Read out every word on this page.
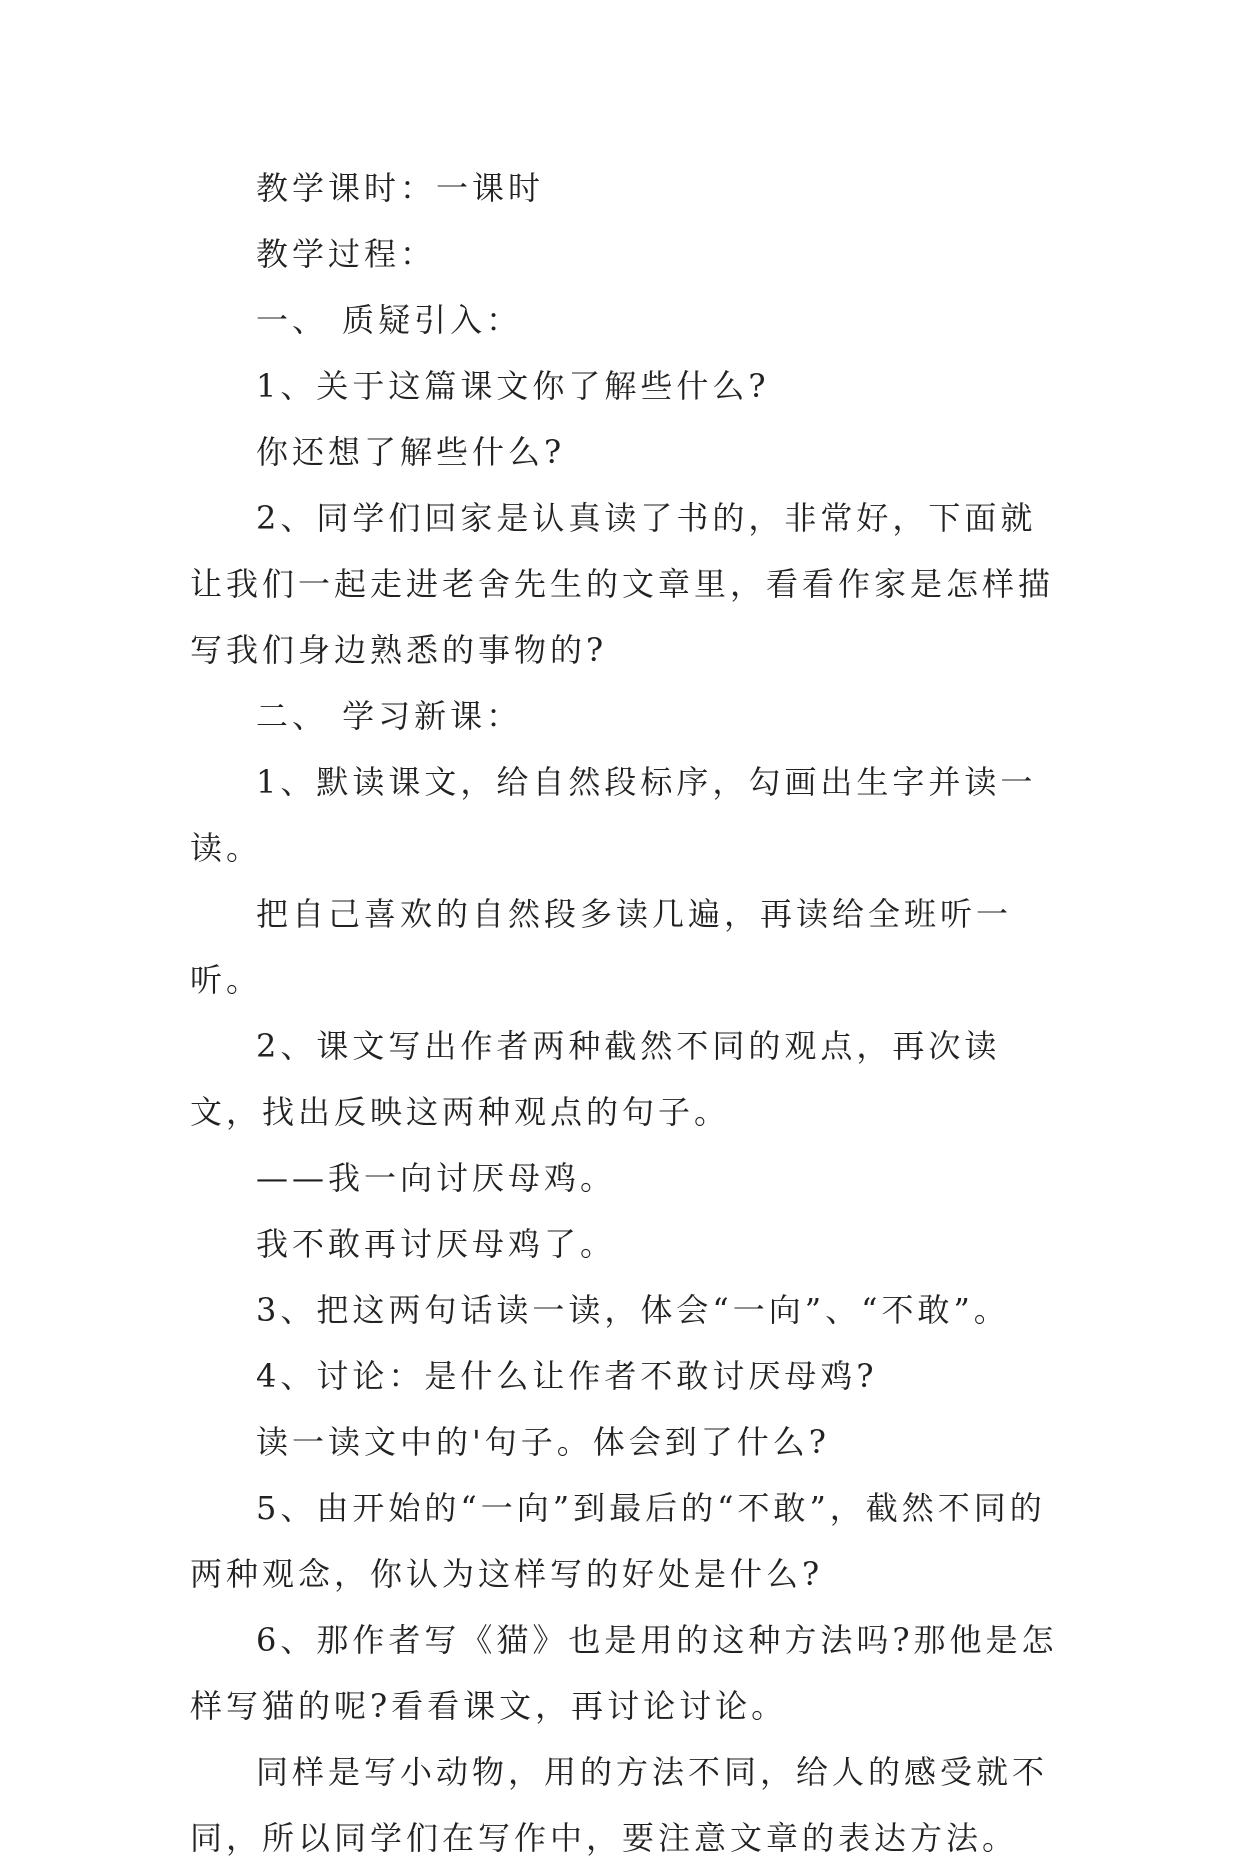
教学课时：一课时

教学过程：

一、 质疑引入：

1、关于这篇课文你了解些什么?

你还想了解些什么?

2、同学们回家是认真读了书的，非常好，下面就让我们一起走进老舍先生的文章里，看看作家是怎样描写我们身边熟悉的事物的?

二、 学习新课：

1、默读课文，给自然段标序，勾画出生字并读一读。

把自己喜欢的自然段多读几遍，再读给全班听一听。

2、课文写出作者两种截然不同的观点，再次读文，找出反映这两种观点的句子。

——我一向讨厌母鸡。

我不敢再讨厌母鸡了。

3、把这两句话读一读，体会“一向”、“不敢”。

4、讨论：是什么让作者不敢讨厌母鸡?

读一读文中的'句子。体会到了什么?

5、由开始的“一向”到最后的“不敢”，截然不同的两种观念，你认为这样写的好处是什么?

6、那作者写《猫》也是用的这种方法吗?那他是怎样写猫的呢?看看课文，再讨论讨论。

同样是写小动物，用的方法不同，给人的感受就不同，所以同学们在写作中，要注意文章的表达方法。
